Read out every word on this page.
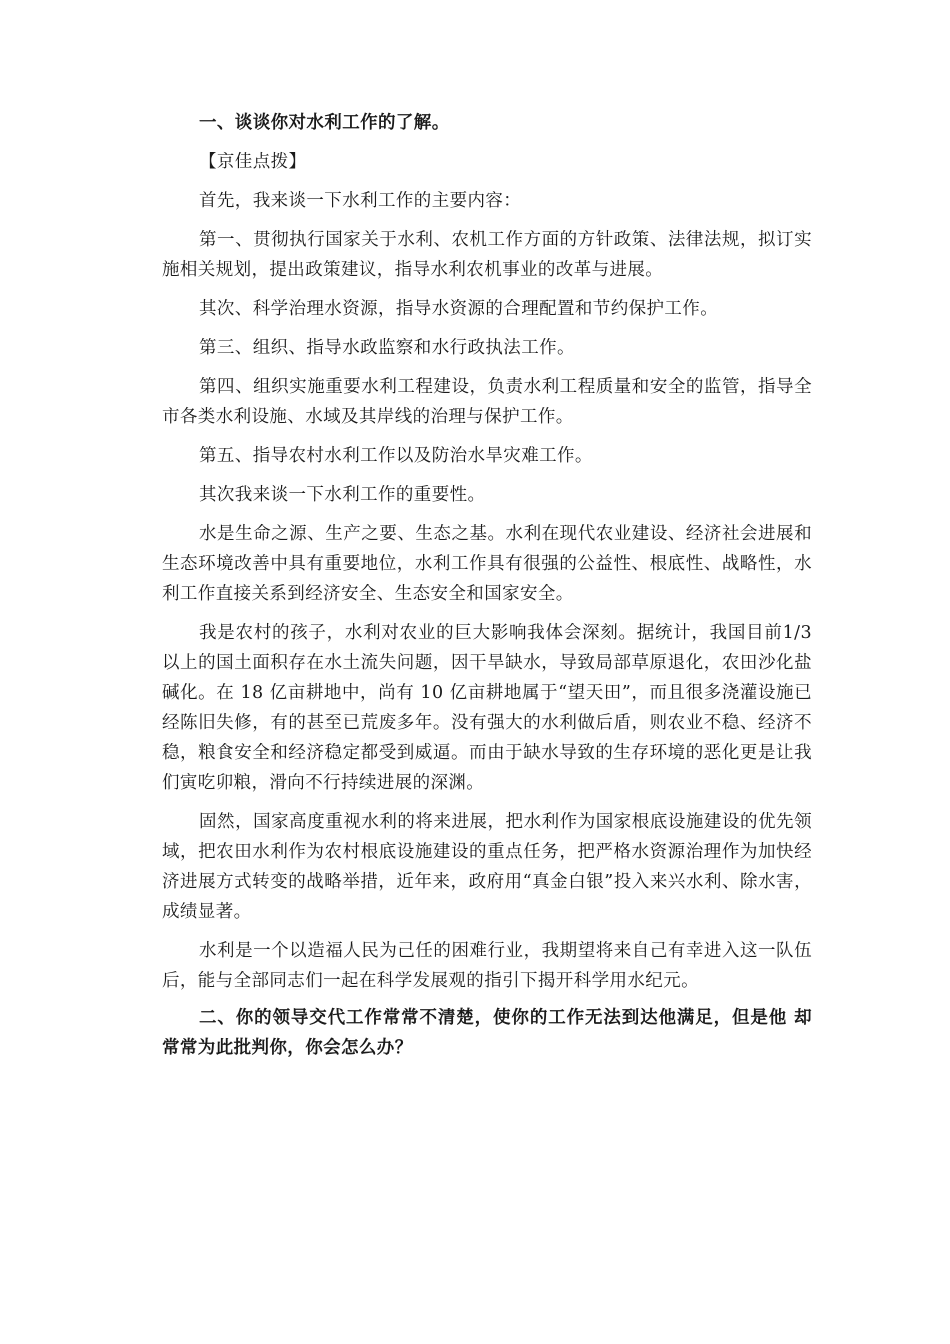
一、谈谈你对水利工作的了解。

【京佳点拨】

首先，我来谈一下水利工作的主要内容：

第一、贯彻执行国家关于水利、农机工作方面的方针政策、法律法规，拟订实施相关规划，提出政策建议，指导水利农机事业的改革与进展。

其次、科学治理水资源，指导水资源的合理配置和节约保护工作。

第三、组织、指导水政监察和水行政执法工作。

第四、组织实施重要水利工程建设，负责水利工程质量和安全的监管，指导全市各类水利设施、水域及其岸线的治理与保护工作。

第五、指导农村水利工作以及防治水旱灾难工作。

其次我来谈一下水利工作的重要性。

水是生命之源、生产之要、生态之基。水利在现代农业建设、经济社会进展和生态环境改善中具有重要地位，水利工作具有很强的公益性、根底性、战略性，水利工作直接关系到经济安全、生态安全和国家安全。

我是农村的孩子，水利对农业的巨大影响我体会深刻。据统计，我国目前1/3 以上的国土面积存在水土流失问题，因干旱缺水，导致局部草原退化，农田沙化盐碱化。在 18 亿亩耕地中，尚有 10 亿亩耕地属于“望天田”，而且很多浇灌设施已经陈旧失修，有的甚至已荒废多年。没有强大的水利做后盾，则农业不稳、经济不稳，粮食安全和经济稳定都受到威逼。而由于缺水导致的生存环境的恶化更是让我们寅吃卯粮，滑向不行持续进展的深渊。

固然，国家高度重视水利的将来进展，把水利作为国家根底设施建设的优先领域，把农田水利作为农村根底设施建设的重点任务，把严格水资源治理作为加快经济进展方式转变的战略举措，近年来，政府用“真金白银”投入来兴水利、除水害，成绩显著。

水利是一个以造福人民为己任的困难行业，我期望将来自己有幸进入这一队伍后，能与全部同志们一起在科学发展观的指引下揭开科学用水纪元。

二、你的领导交代工作常常不清楚，使你的工作无法到达他满足，但是他 却常常为此批判你，你会怎么办？
